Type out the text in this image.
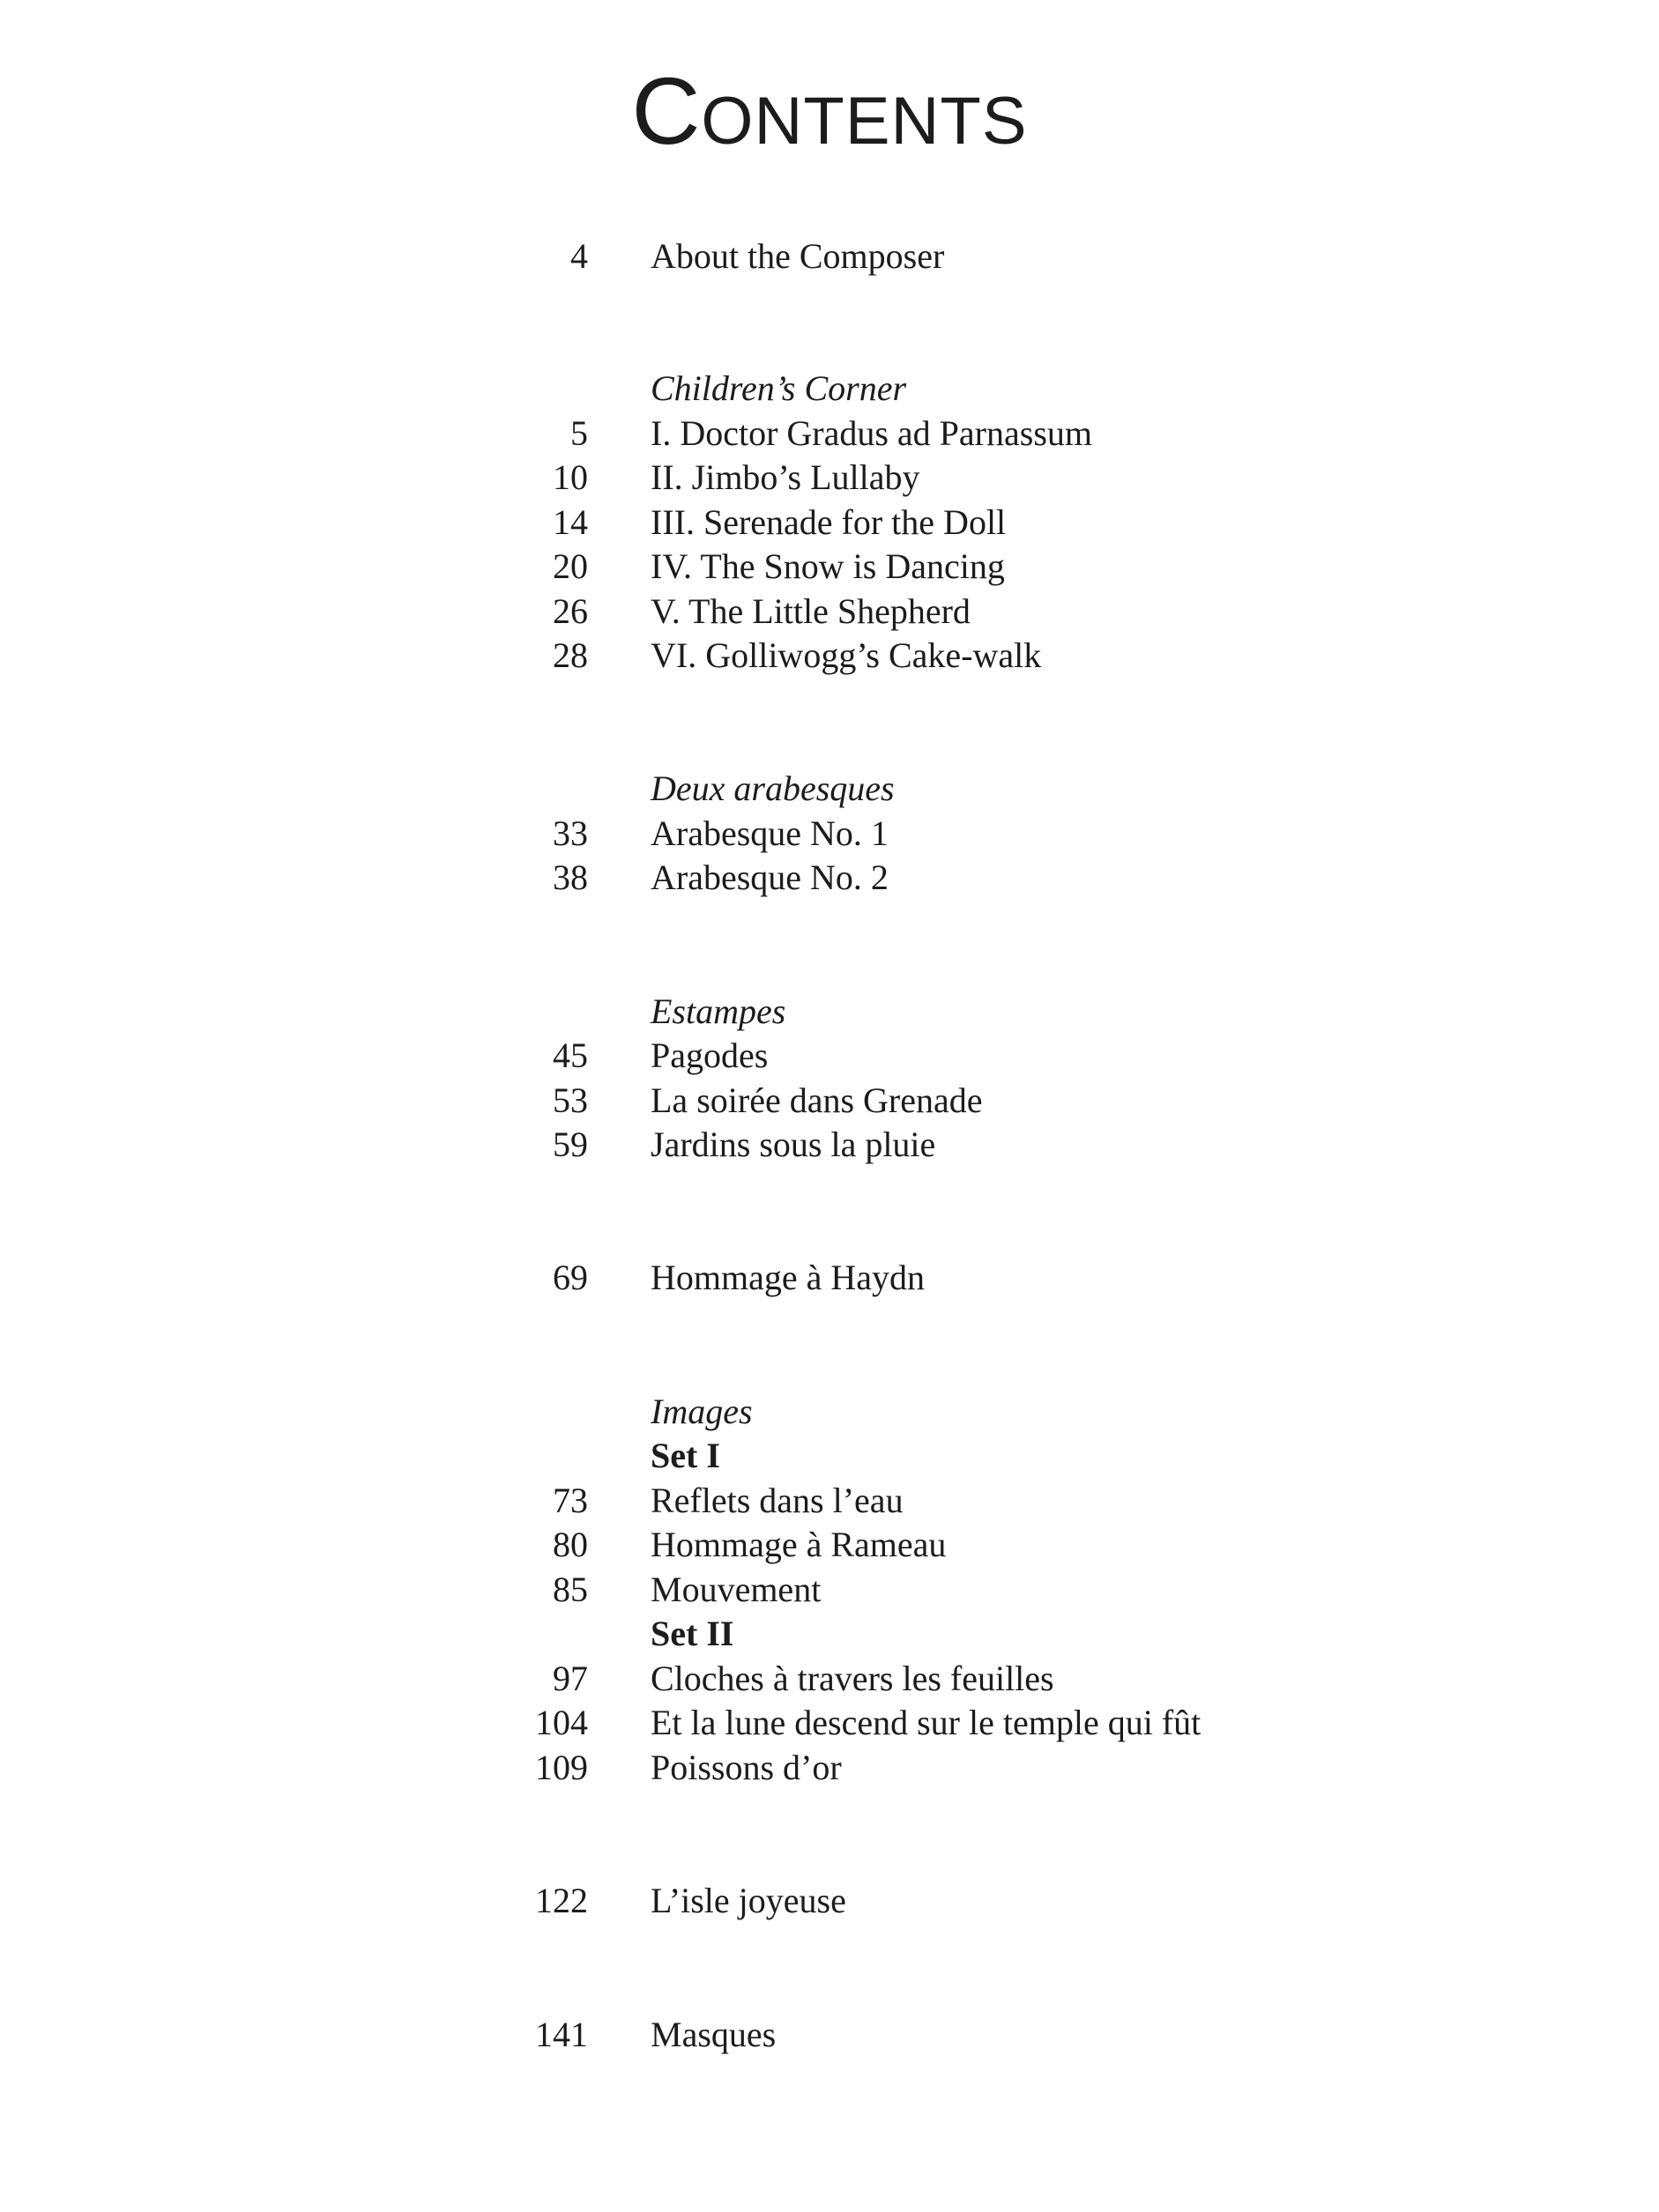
Contents
4 About the Composer
Children’s Corner
5 I. Doctor Gradus ad Parnassum
10 II. Jimbo’s Lullaby
14 III. Serenade for the Doll
20 IV. The Snow is Dancing
26 V. The Little Shepherd
28 VI. Golliwogg’s Cake-walk
Deux arabesques
33 Arabesque No. 1
38 Arabesque No. 2
Estampes
45 Pagodes
53 La soirée dans Grenade
59 Jardins sous la pluie
69 Hommage à Haydn
Images
Set I
73 Reflets dans l’eau
80 Hommage à Rameau
85 Mouvement
Set II
97 Cloches à travers les feuilles
104 Et la lune descend sur le temple qui fût
109 Poissons d’or
122 L’isle joyeuse
141 Masques
